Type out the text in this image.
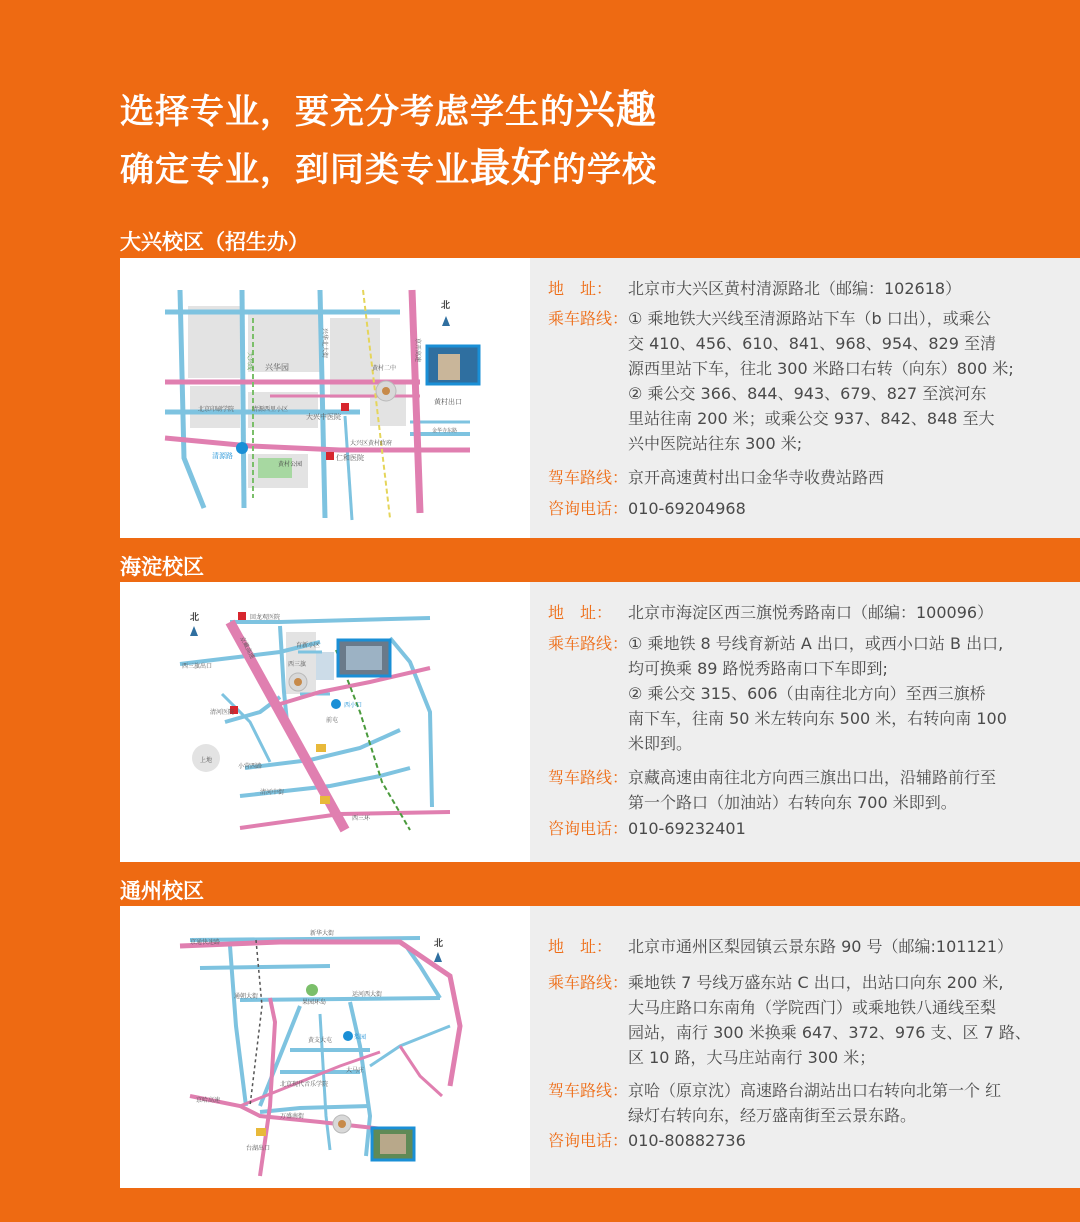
选择专业，要充分考虑学生的兴趣
确定专业，到同类专业最好的学校
大兴校区（招生办）
北
兴华园
北京印刷学院	清源西里小区
大兴中医院
仁和医院
黄村公园
清源路
黄村二中
黄村出口
大兴区黄村政府
大兴线
兴华北大街	京开高速
金华寺东路
地　址： 北京市大兴区黄村清源路北（邮编：102618）
乘车路线： ① 乘地铁大兴线至清源路站下车（b 口出），或乘公
交 410、456、610、841、968、954、829 至清
源西里站下车，往北 300 米路口右转（向东）800 米;
② 乘公交 366、844、943、679、827 至滨河东
里站往南 200 米；或乘公交 937、842、848 至大
兴中医院站往东 300 米;
驾车路线： 京开高速黄村出口金华寺收费站路西
咨询电话： 010-69204968
海淀校区
北	回龙观医院
西三旗出口
育新小区
西三旗
清河医院
西小口
小营西路
前屯
上地
京藏高速
清河中街
西三环
地　址： 北京市海淀区西三旗悦秀路南口（邮编：100096）
乘车路线： ① 乘地铁 8 号线育新站 A 出口，或西小口站 B 出口,
均可换乘 89 路悦秀路南口下车即到;
② 乘公交 315、606（由南往北方向）至西三旗桥
南下车，往南 50 米左转向东 500 米，右转向南 100
米即到。
驾车路线： 京藏高速由南往北方向西三旗出口出，沿辅路前行至
第一个路口（加油站）右转向东 700 米即到。
咨询电话： 010-69232401
通州校区
北
京通快速路
新华大街
果园环岛
运河西大街
通朝大街
梨园
黄支大屯
北京现代音乐学院
大马庄
万盛南街
京哈高速
台湖出口
地　址： 北京市通州区梨园镇云景东路 90 号（邮编:101121）
乘车路线： 乘地铁 7 号线万盛东站 C 出口，出站口向东 200 米,
大马庄路口东南角（学院西门）或乘地铁八通线至梨
园站，南行 300 米换乘 647、372、976 支、区 7 路、
区 10 路，大马庄站南行 300 米；
驾车路线： 京哈（原京沈）高速路台湖站出口右转向北第一个 红
绿灯右转向东，经万盛南街至云景东路。
咨询电话： 010-80882736
